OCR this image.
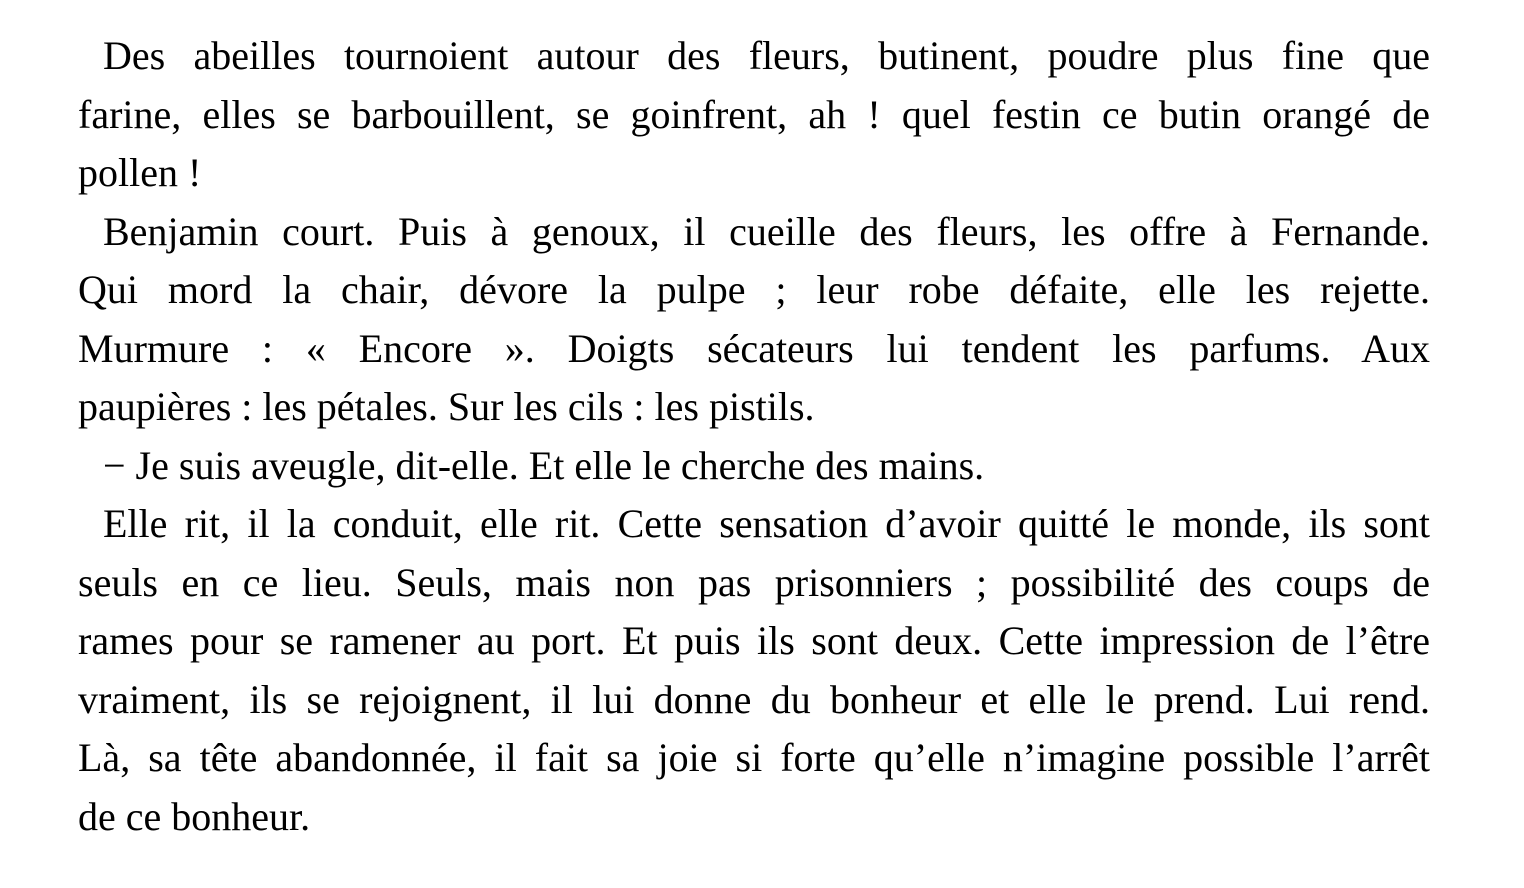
Des abeilles tournoient autour des fleurs, butinent, poudre plus fine que
farine, elles se barbouillent, se goinfrent, ah ! quel festin ce butin orangé de
pollen !
Benjamin court. Puis à genoux, il cueille des fleurs, les offre à Fernande.
Qui mord la chair, dévore la pulpe ; leur robe défaite, elle les rejette.
Murmure : « Encore ». Doigts sécateurs lui tendent les parfums. Aux
paupières : les pétales. Sur les cils : les pistils.
− Je suis aveugle, dit-elle. Et elle le cherche des mains.
Elle rit, il la conduit, elle rit. Cette sensation d’avoir quitté le monde, ils sont
seuls en ce lieu. Seuls, mais non pas prisonniers ; possibilité des coups de
rames pour se ramener au port. Et puis ils sont deux. Cette impression de l’être
vraiment, ils se rejoignent, il lui donne du bonheur et elle le prend. Lui rend.
Là, sa tête abandonnée, il fait sa joie si forte qu’elle n’imagine possible l’arrêt
de ce bonheur.
